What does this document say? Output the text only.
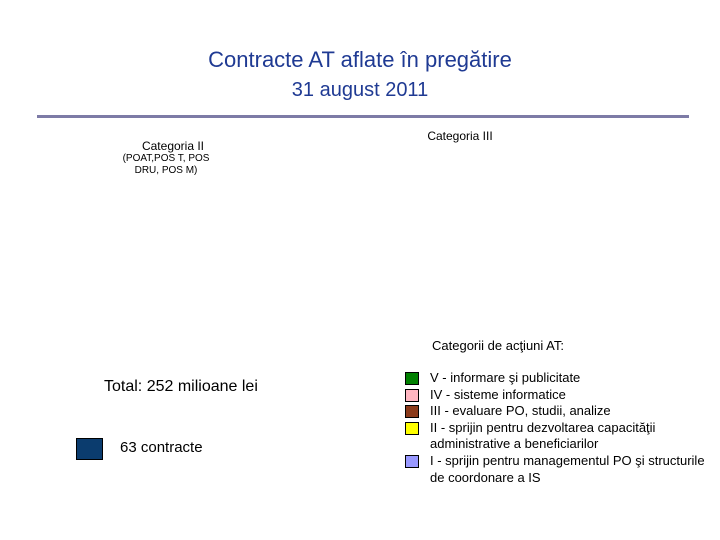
Contracte AT aflate în pregătire
31 august 2011
Categoria II
(POAT,POS T, POS DRU, POS M)
Categoria III
Categorii de acţiuni AT:
V - informare şi publicitate
IV - sisteme informatice
III - evaluare PO, studii, analize
II - sprijin pentru dezvoltarea capacităţii administrative a beneficiarilor
I - sprijin pentru managementul PO şi structurile de coordonare a IS
Total: 252 milioane lei
63 contracte
